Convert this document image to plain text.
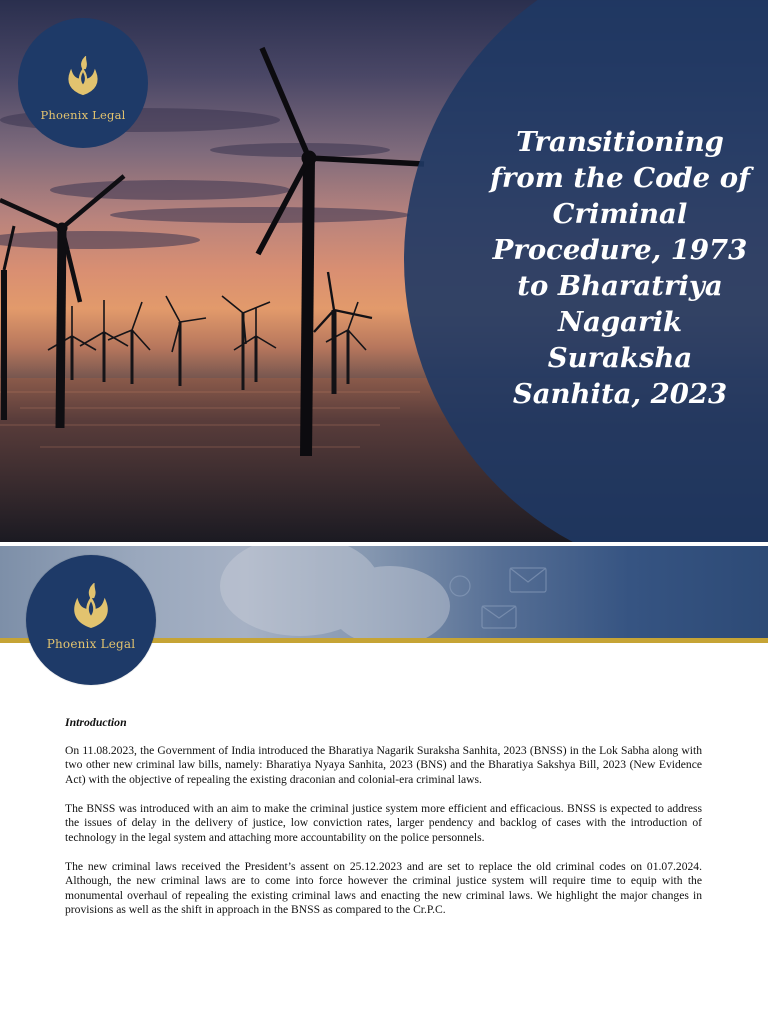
Transitioning
from the Code of
Criminal
Procedure, 1973
to Bharatriya
Nagarik
Suraksha
Sanhita, 2023
Phoenix Legal
Phoenix Legal
Introduction

On 11.08.2023, the Government of India introduced the Bharatiya Nagarik Suraksha Sanhita, 2023 (BNSS) in the Lok Sabha along with two other new criminal law bills, namely: Bharatiya Nyaya Sanhita, 2023 (BNS) and the Bharatiya Sakshya Bill, 2023 (New Evidence Act) with the objective of repealing the existing draconian and colonial-era criminal laws.

The BNSS was introduced with an aim to make the criminal justice system more efficient and efficacious. BNSS is expected to address the issues of delay in the delivery of justice, low conviction rates, larger pendency and backlog of cases with the introduction of technology in the legal system and attaching more accountability on the police personnels.

The new criminal laws received the President’s assent on 25.12.2023 and are set to replace the old criminal codes on 01.07.2024. Although, the new criminal laws are to come into force however the criminal justice system will require time to equip with the monumental overhaul of repealing the existing criminal laws and enacting the new criminal laws. We highlight the major changes in provisions as well as the shift in approach in the BNSS as compared to the Cr.P.C.
